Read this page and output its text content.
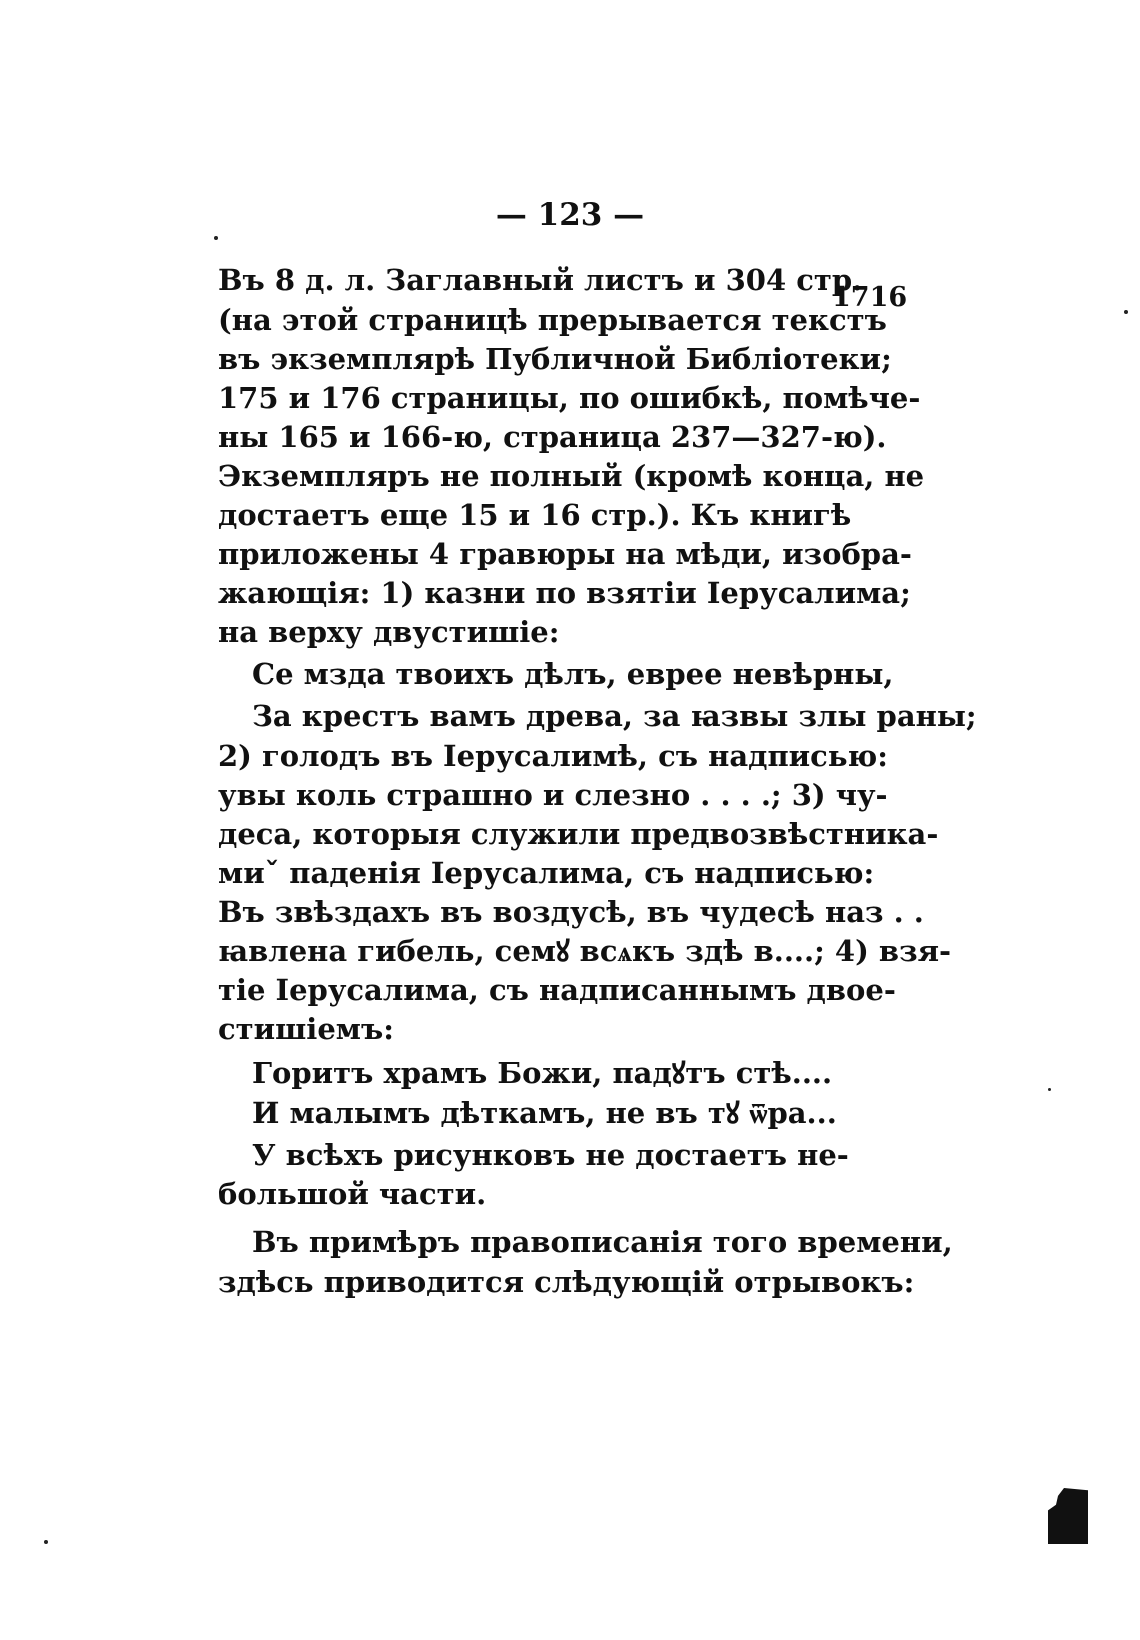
— 123 —
1716
Въ 8 д. л. Заглавный листъ и 304 стр.
(на этой страницѣ прерывается текстъ
въ экземплярѣ Публичной Библіотеки;
175 и 176 страницы, по ошибкѣ, помѣче-
ны 165 и 166-ю, страница 237—327-ю).
Экземпляръ не полный (кромѣ конца, не
достаетъ еще 15 и 16 стр.). Къ книгѣ
приложены 4 гравюры на мѣди, изобра-
жающія: 1) казни по взятіи Іерусалима;
на верху двустишіе:
Се мзда твоихъ дѣлъ, евреe невѣрны,
За крестъ вамъ древа, за ꙗзвы злы раны;
2) голодъ въ Іерусалимѣ, съ надписью:
увы коль страшно и слезно . . . .; 3) чу-
деса, которыя служили предвозвѣстника-
миˇ паденія Іерусалима, съ надписью:
Въ звѣздахъ въ воздусѣ, въ чудесѣ наз . .
ꙗвлена гибель, семꙋ всѧкъ здѣ в....; 4) взя-
тіе Іерусалима, съ надписаннымъ двое-
стишіемъ:
Горитъ храмъ Божи, падꙋтъ стѣ....
И малымъ дѣткамъ, не въ тꙋ ѿра...
У всѣхъ рисунковъ не достаетъ не-
большой части.
Въ примѣръ правописанія того времени,
здѣсь приводится слѣдующій отрывокъ:
